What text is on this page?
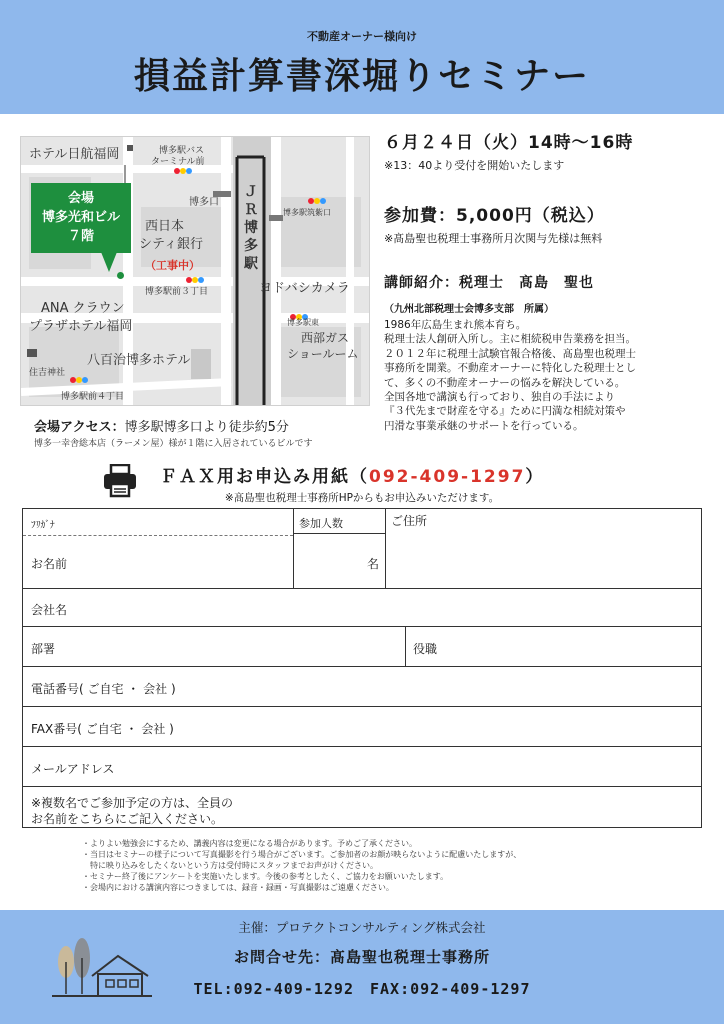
不動産オーナー様向け
損益計算書深堀りセミナー
ホテル日航福岡	博多駅バス
ターミナル前
博多口
ＪＲ博多駅
西日本
シティ銀行
（工事中）
博多駅前３丁目
博多駅筑紫口
ヨドバシカメラ
ANA クラウン
プラザホテル福岡
八百治博多ホテル
博多駅東
西部ガス
ショールーム
住吉神社
博多駅前４丁目
会場
博多光和ビル
７階
会場アクセス：博多駅博多口より徒歩約5分
博多一幸舎総本店（ラーメン屋）様が１階に入居されているビルです
６月２４日（火）14時〜16時
※13：40より受付を開始いたします
参加費：5,000円（税込）
※髙島聖也税理士事務所月次関与先様は無料
講師紹介：税理士　髙島　聖也
（九州北部税理士会博多支部　所属）
1986年広島生まれ熊本育ち。
税理士法人創研入所し。主に相続税申告業務を担当。
２０１２年に税理士試験官報合格後、髙島聖也税理士
事務所を開業。不動産オーナーに特化した税理士とし
て、多くの不動産オーナーの悩みを解決している。
全国各地で講演も行っており、独自の手法により
『３代先まで財産を守る』ために円満な相続対策や
円滑な事業承継のサポートを行っている。
ＦＡＸ用お申込み用紙（092-409-1297）
※髙島聖也税理士事務所HPからもお申込みいただけます。
ﾌﾘｶﾞﾅ	参加人数	ご住所
お名前	名
会社名
部署	役職
電話番号( ご自宅 ・ 会社 )
FAX番号( ご自宅 ・ 会社 )
メールアドレス
※複数名でご参加予定の方は、全員の
お名前をこちらにご記入ください。
・よりよい勉強会にするため、講義内容は変更になる場合があります。予めご了承ください。
・当日はセミナーの様子について写真撮影を行う場合がございます。ご参加者のお顔が映らないように配慮いたしますが、
　特に映り込みをしたくないという方は受付時にスタッフまでお声がけください。
・セミナー終了後にアンケートを実施いたします。今後の参考としたく、ご協力をお願いいたします。
・会場内における講演内容につきましては、録音・録画・写真撮影はご遠慮ください。
主催：プロテクトコンサルティング株式会社
お問合せ先：髙島聖也税理士事務所
TEL:092-409-1292　FAX:092-409-1297
